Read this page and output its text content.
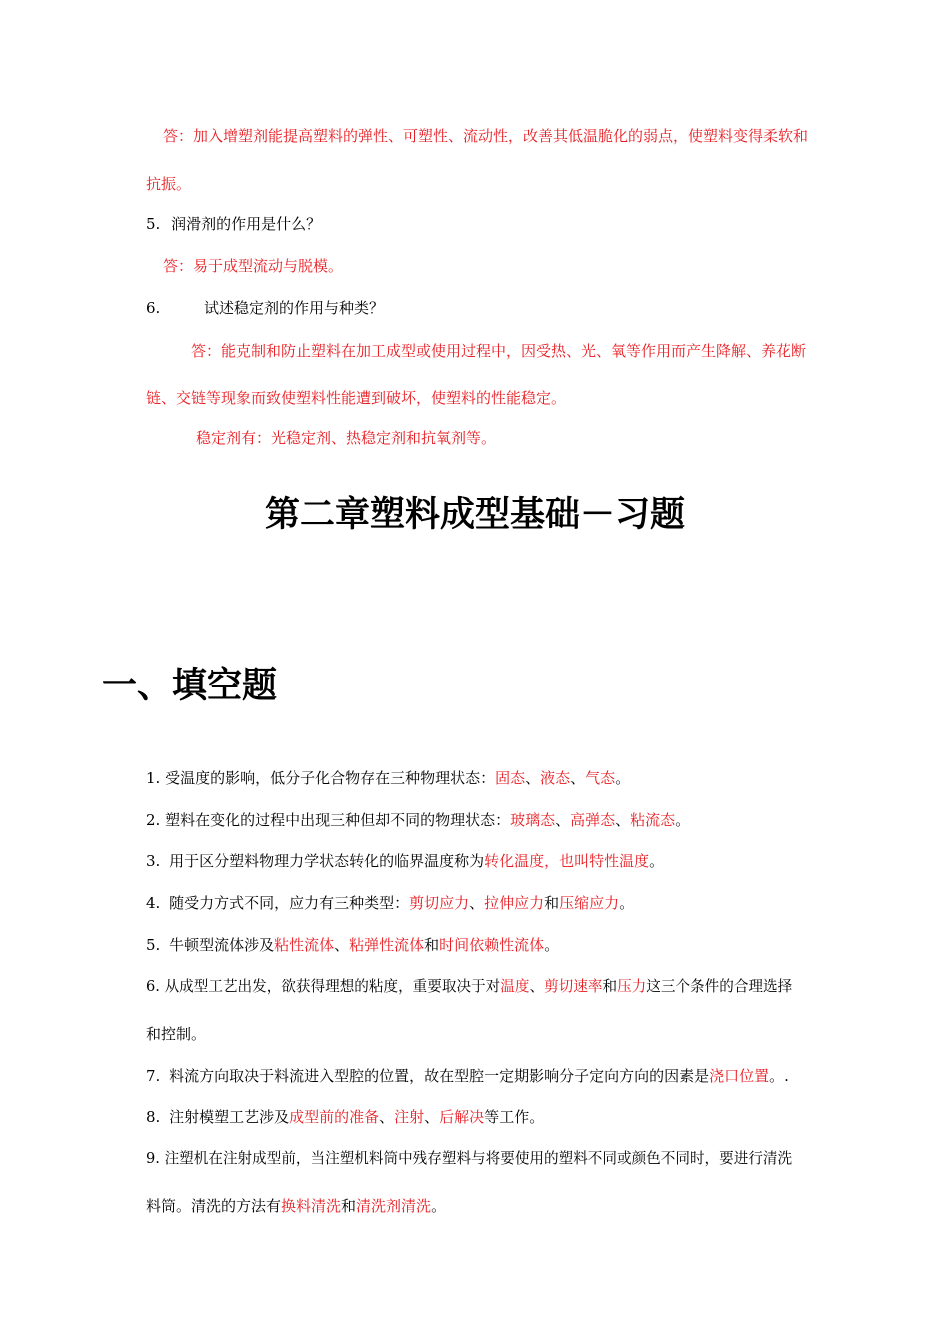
答：加入增塑剂能提高塑料的弹性、可塑性、流动性，改善其低温脆化的弱点，使塑料变得柔软和
抗振。
5. 润滑剂的作用是什么？
答：易于成型流动与脱模。
6.	试述稳定剂的作用与种类？
答：能克制和防止塑料在加工成型或使用过程中，因受热、光、氧等作用而产生降解、养花断
链、交链等现象而致使塑料性能遭到破坏，使塑料的性能稳定。
稳定剂有：光稳定剂、热稳定剂和抗氧剂等。
第二章塑料成型基础－习题
一、填空题
1. 受温度的影响，低分子化合物存在三种物理状态：固态、液态、气态。
2. 塑料在变化的过程中出现三种但却不同的物理状态：玻璃态、高弹态、粘流态。
3. 用于区分塑料物理力学状态转化的临界温度称为转化温度，也叫特性温度。
4. 随受力方式不同，应力有三种类型：剪切应力、拉伸应力和压缩应力。
5. 牛顿型流体涉及粘性流体、粘弹性流体和时间依赖性流体。
6. 从成型工艺出发，欲获得理想的粘度，重要取决于对温度、剪切速率和压力这三个条件的合理选择
和控制。
7. 料流方向取决于料流进入型腔的位置，故在型腔一定期影响分子定向方向的因素是浇口位置。.
8. 注射模塑工艺涉及成型前的准备、注射、后解决等工作。
9. 注塑机在注射成型前，当注塑机料筒中残存塑料与将要使用的塑料不同或颜色不同时，要进行清洗
料筒。清洗的方法有换料清洗和清洗剂清洗。
